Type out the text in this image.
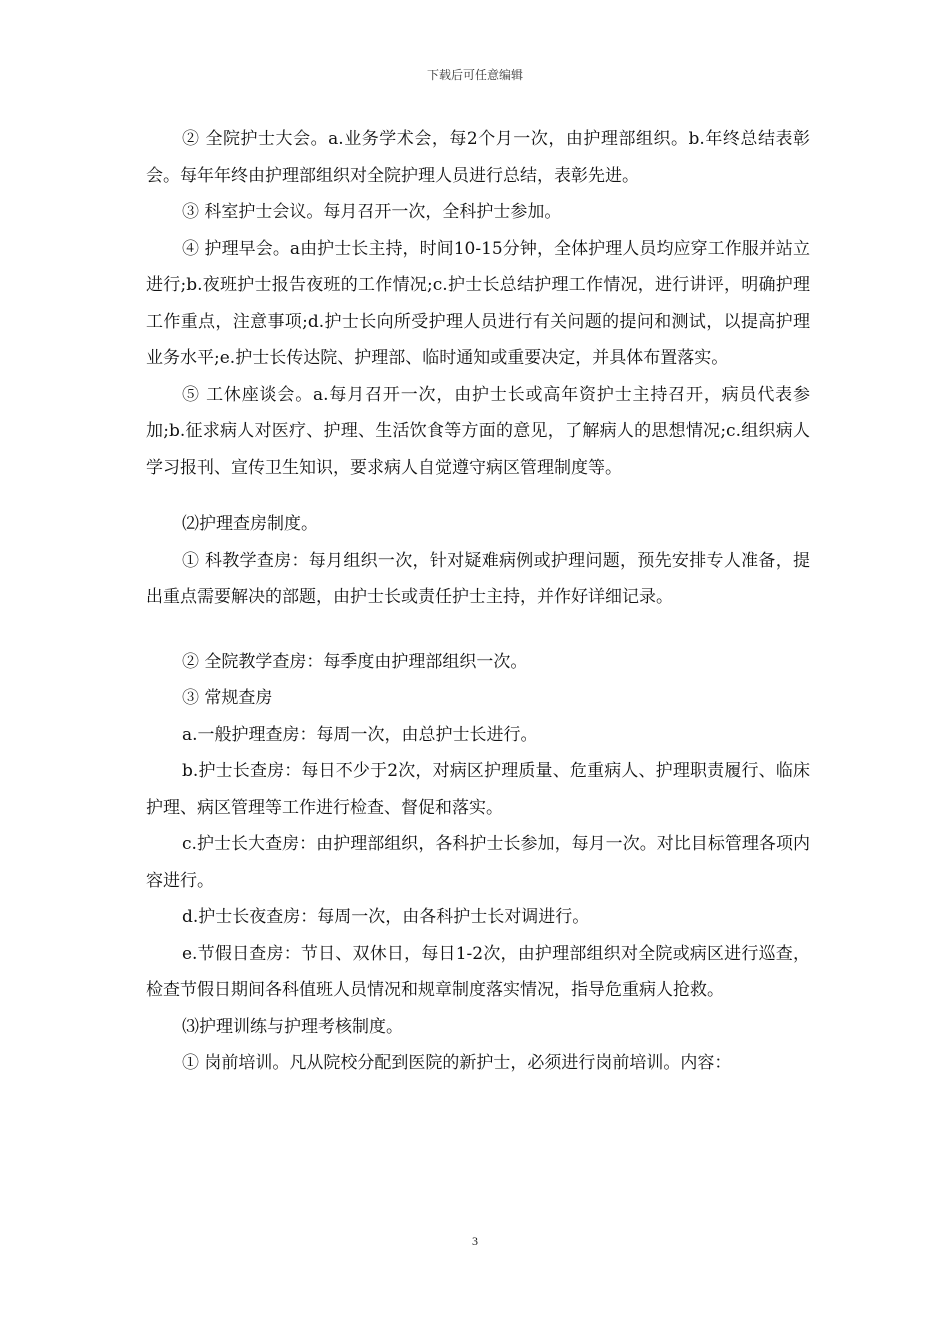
下载后可任意编辑

② 全院护士大会。a.业务学术会，每2个月一次，由护理部组织。b.年终总结表彰会。每年年终由护理部组织对全院护理人员进行总结，表彰先进。

③ 科室护士会议。每月召开一次，全科护士参加。

④ 护理早会。a由护士长主持，时间10-15分钟，全体护理人员均应穿工作服并站立进行;b.夜班护士报告夜班的工作情况;c.护士长总结护理工作情况，进行讲评，明确护理工作重点，注意事项;d.护士长向所受护理人员进行有关问题的提问和测试，以提高护理业务水平;e.护士长传达院、护理部、临时通知或重要决定，并具体布置落实。

⑤ 工休座谈会。a.每月召开一次，由护士长或高年资护士主持召开，病员代表参加;b.征求病人对医疗、护理、生活饮食等方面的意见，了解病人的思想情况;c.组织病人学习报刊、宣传卫生知识，要求病人自觉遵守病区管理制度等。

⑵护理查房制度。

① 科教学查房：每月组织一次，针对疑难病例或护理问题，预先安排专人准备，提出重点需要解决的部题，由护士长或责任护士主持，并作好详细记录。

② 全院教学查房：每季度由护理部组织一次。

③ 常规查房

a.一般护理查房：每周一次，由总护士长进行。

b.护士长查房：每日不少于2次，对病区护理质量、危重病人、护理职责履行、临床护理、病区管理等工作进行检查、督促和落实。

c.护士长大查房：由护理部组织，各科护士长参加，每月一次。对比目标管理各项内容进行。

d.护士长夜查房：每周一次，由各科护士长对调进行。

e.节假日查房：节日、双休日，每日1-2次，由护理部组织对全院或病区进行巡查，检查节假日期间各科值班人员情况和规章制度落实情况，指导危重病人抢救。

⑶护理训练与护理考核制度。

① 岗前培训。凡从院校分配到医院的新护士，必须进行岗前培训。内容：

3
